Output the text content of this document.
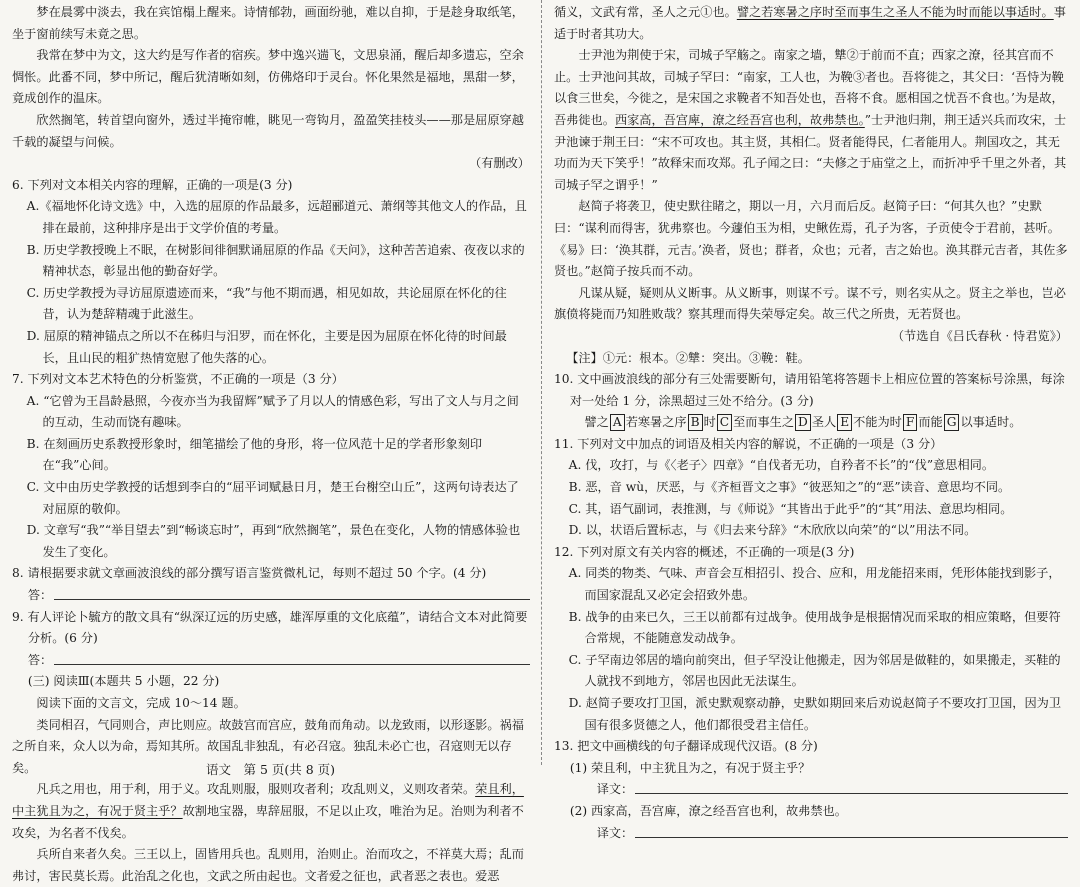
梦在晨雾中淡去，我在宾馆榻上醒来。诗情郁勃，画面纷驰，难以自抑，于是趁身取纸笔，坐于窗前续写未竟之思。

我常在梦中为文，这大约是写作者的宿疾。梦中逸兴遄飞，文思泉涌，醒后却多遗忘，空余惆怅。此番不同，梦中所记，醒后犹清晰如刻，仿佛烙印于灵台。怀化果然是福地，黑甜一梦，竟成创作的温床。

欣然搁笔，转首望向窗外，透过半掩帘帷，眺见一弯钩月，盈盈笑挂枝头——那是屈原穿越千载的凝望与问候。

（有删改）

6. 下列对文本相关内容的理解，正确的一项是(3 分)

A.《福地怀化诗文选》中，入选的屈原的作品最多，远超郦道元、萧纲等其他文人的作品，且排在最前，这种排序是出于文学价值的考量。

B. 历史学教授晚上不眠，在树影间徘徊默诵屈原的作品《天问》，这种苦苦追索、夜夜以求的精神状态，彰显出他的勤奋好学。

C. 历史学教授为寻访屈原遗迹而来，“我”与他不期而遇，相见如故，共论屈原在怀化的往昔，认为楚辞精魂于此滋生。

D. 屈原的精神锚点之所以不在秭归与汨罗，而在怀化，主要是因为屈原在怀化待的时间最长，且山民的粗犷热情宽慰了他失落的心。

7. 下列对文本艺术特色的分析鉴赏，不正确的一项是（3 分）

A. “它曾为王昌龄悬照，今夜亦当为我留辉”赋予了月以人的情感色彩，写出了文人与月之间的互动，生动而饶有趣味。

B. 在刻画历史系教授形象时，细笔描绘了他的身形，将一位风范十足的学者形象刻印在“我”心间。

C. 文中由历史学教授的话想到李白的“屈平词赋悬日月，楚王台榭空山丘”，这两句诗表达了对屈原的敬仰。

D. 文章写“我”“举目望去”到“畅谈忘时”，再到“欣然搁笔”，景色在变化，人物的情感体验也发生了变化。

8. 请根据要求就文章画波浪线的部分撰写语言鉴赏微札记，每则不超过 50 个字。(4 分)

答：

9. 有人评论卜毓方的散文具有“纵深辽远的历史感，雄浑厚重的文化底蕴”，请结合文本对此简要分析。(6 分)

答：

(三) 阅读Ⅲ(本题共 5 小题，22 分)

阅读下面的文言文，完成 10～14 题。

类同相召，气同则合，声比则应。故鼓宫而宫应，鼓角而角动。以龙致雨，以形逐影。祸福之所自来，众人以为命，焉知其所。故国乱非独乱，有必召寇。独乱未必亡也，召寇则无以存矣。

凡兵之用也，用于利，用于义。攻乱则服，服则攻者利；攻乱则义，义则攻者荣。荣且利，中主犹且为之，有况于贤主乎？故割地宝器，卑辞屈服，不足以止攻，唯治为足。治则为利者不攻矣，为名者不伐矣。

兵所自来者久矣。三王以上，固皆用兵也。乱则用，治则止。治而攻之，不祥莫大焉；乱而弗讨，害民莫长焉。此治乱之化也，文武之所由起也。文者爱之征也，武者恶之表也。爱恶

循义，文武有常，圣人之元①也。譬之若寒暑之序时至而事生之圣人不能为时而能以事适时。事适于时者其功大。

士尹池为荆使于宋，司城子罕觞之。南家之墙，犨②于前而不直；西家之潦，径其宫而不止。士尹池问其故，司城子罕曰：“南家，工人也，为鞔③者也。吾将徙之，其父曰：‘吾恃为鞔以食三世矣，今徙之，是宋国之求鞔者不知吾处也，吾将不食。愿相国之忧吾不食也。’为是故，吾弗徙也。西家高，吾宫庳，潦之经吾宫也利，故弗禁也。”士尹池归荆，荆王适兴兵而攻宋，士尹池谏于荆王曰：“宋不可攻也。其主贤，其相仁。贤者能得民，仁者能用人。荆国攻之，其无功而为天下笑乎！”故释宋而攻郑。孔子闻之曰：“夫修之于庙堂之上，而折冲乎千里之外者，其司城子罕之谓乎！”

赵简子将袭卫，使史默往睹之，期以一月，六月而后反。赵简子曰：“何其久也？”史默曰：“谋利而得害，犹弗察也。今蘧伯玉为相，史鳅佐焉，孔子为客，子贡使令于君前，甚听。《易》曰：‘涣其群，元吉。’涣者，贤也；群者，众也；元者，吉之始也。涣其群元吉者，其佐多贤也。”赵简子按兵而不动。

凡谋从疑，疑则从义断事。从义断事，则谋不亏。谋不亏，则名实从之。贤主之举也，岂必旗偾将毙而乃知胜败哉？察其理而得失荣辱定矣。故三代之所贵，无若贤也。

（节选自《吕氏春秋 · 恃君览》）

【注】①元：根本。②犨：突出。③鞔：鞋。

10. 文中画波浪线的部分有三处需要断句，请用铅笔将答题卡上相应位置的答案标号涂黑，每涂对一处给 1 分，涂黑超过三处不给分。(3 分)

譬之 A 若寒暑之序 B 时 C 至而事生之 D 圣人 E 不能为时 F 而能 G 以事适时。

11. 下列对文中加点的词语及相关内容的解说，不正确的一项是（3 分）

A. 伐，攻打，与《〈老子〉四章》“自伐者无功，自矜者不长”的“伐”意思相同。

B. 恶，音 wù，厌恶，与《齐桓晋文之事》“彼恶知之”的“恶”读音、意思均不同。

C. 其，语气副词，表推测，与《师说》“其皆出于此乎”的“其”用法、意思均相同。

D. 以，状语后置标志，与《归去来兮辞》“木欣欣以向荣”的“以”用法不同。

12. 下列对原文有关内容的概述，不正确的一项是(3 分)

A. 同类的物类、气味、声音会互相招引、投合、应和，用龙能招来雨，凭形体能找到影子，而国家混乱又必定会招致外患。

B. 战争的由来已久，三王以前都有过战争。使用战争是根据情况而采取的相应策略，但要符合常规，不能随意发动战争。

C. 子罕南边邻居的墙向前突出，但子罕没让他搬走，因为邻居是做鞋的，如果搬走，买鞋的人就找不到地方，邻居也因此无法谋生。

D. 赵简子要攻打卫国，派史默观察动静，史默如期回来后劝说赵简子不要攻打卫国，因为卫国有很多贤德之人，他们都很受君主信任。

13. 把文中画横线的句子翻译成现代汉语。(8 分)

(1) 荣且利，中主犹且为之，有况于贤主乎？

译文：

(2) 西家高，吾宫庳，潦之经吾宫也利，故弗禁也。

译文：
语文　第 5 页(共 8 页)
